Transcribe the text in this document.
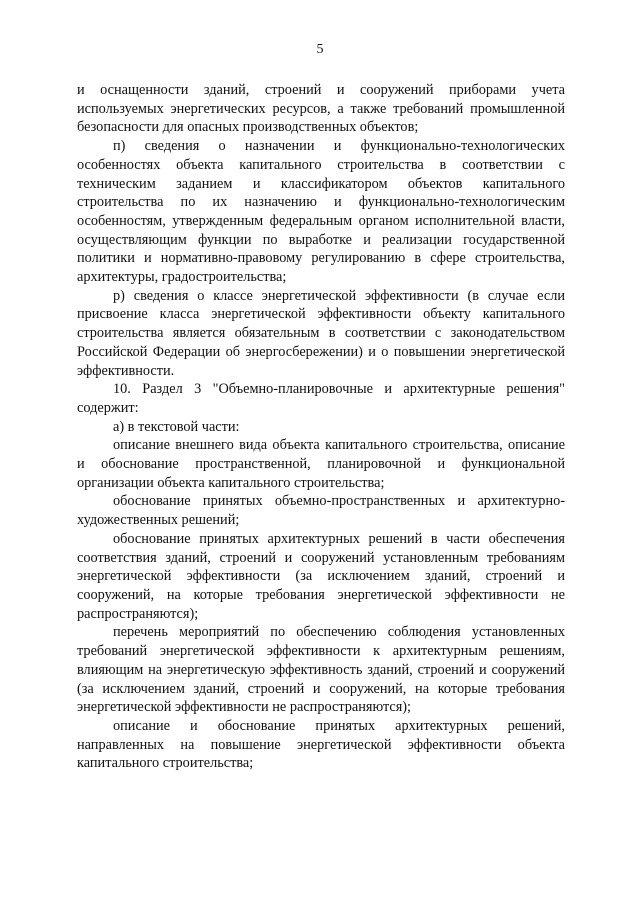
5

и оснащенности зданий, строений и сооружений приборами учета используемых энергетических ресурсов, а также требований промышленной безопасности для опасных производственных объектов;

п) сведения о назначении и функционально-технологических особенностях объекта капитального строительства в соответствии с техническим заданием и классификатором объектов капитального строительства по их назначению и функционально-технологическим особенностям, утвержденным федеральным органом исполнительной власти, осуществляющим функции по выработке и реализации государственной политики и нормативно-правовому регулированию в сфере строительства, архитектуры, градостроительства;

р) сведения о классе энергетической эффективности (в случае если присвоение класса энергетической эффективности объекту капитального строительства является обязательным в соответствии с законодательством Российской Федерации об энергосбережении) и о повышении энергетической эффективности.

10. Раздел 3 "Объемно-планировочные и архитектурные решения" содержит:

а) в текстовой части:

описание внешнего вида объекта капитального строительства, описание и обоснование пространственной, планировочной и функциональной организации объекта капитального строительства;

обоснование принятых объемно-пространственных и архитектурно-художественных решений;

обоснование принятых архитектурных решений в части обеспечения соответствия зданий, строений и сооружений установленным требованиям энергетической эффективности (за исключением зданий, строений и сооружений, на которые требования энергетической эффективности не распространяются);

перечень мероприятий по обеспечению соблюдения установленных требований энергетической эффективности к архитектурным решениям, влияющим на энергетическую эффективность зданий, строений и сооружений (за исключением зданий, строений и сооружений, на которые требования энергетической эффективности не распространяются);

описание и обоснование принятых архитектурных решений, направленных на повышение энергетической эффективности объекта капитального строительства;
